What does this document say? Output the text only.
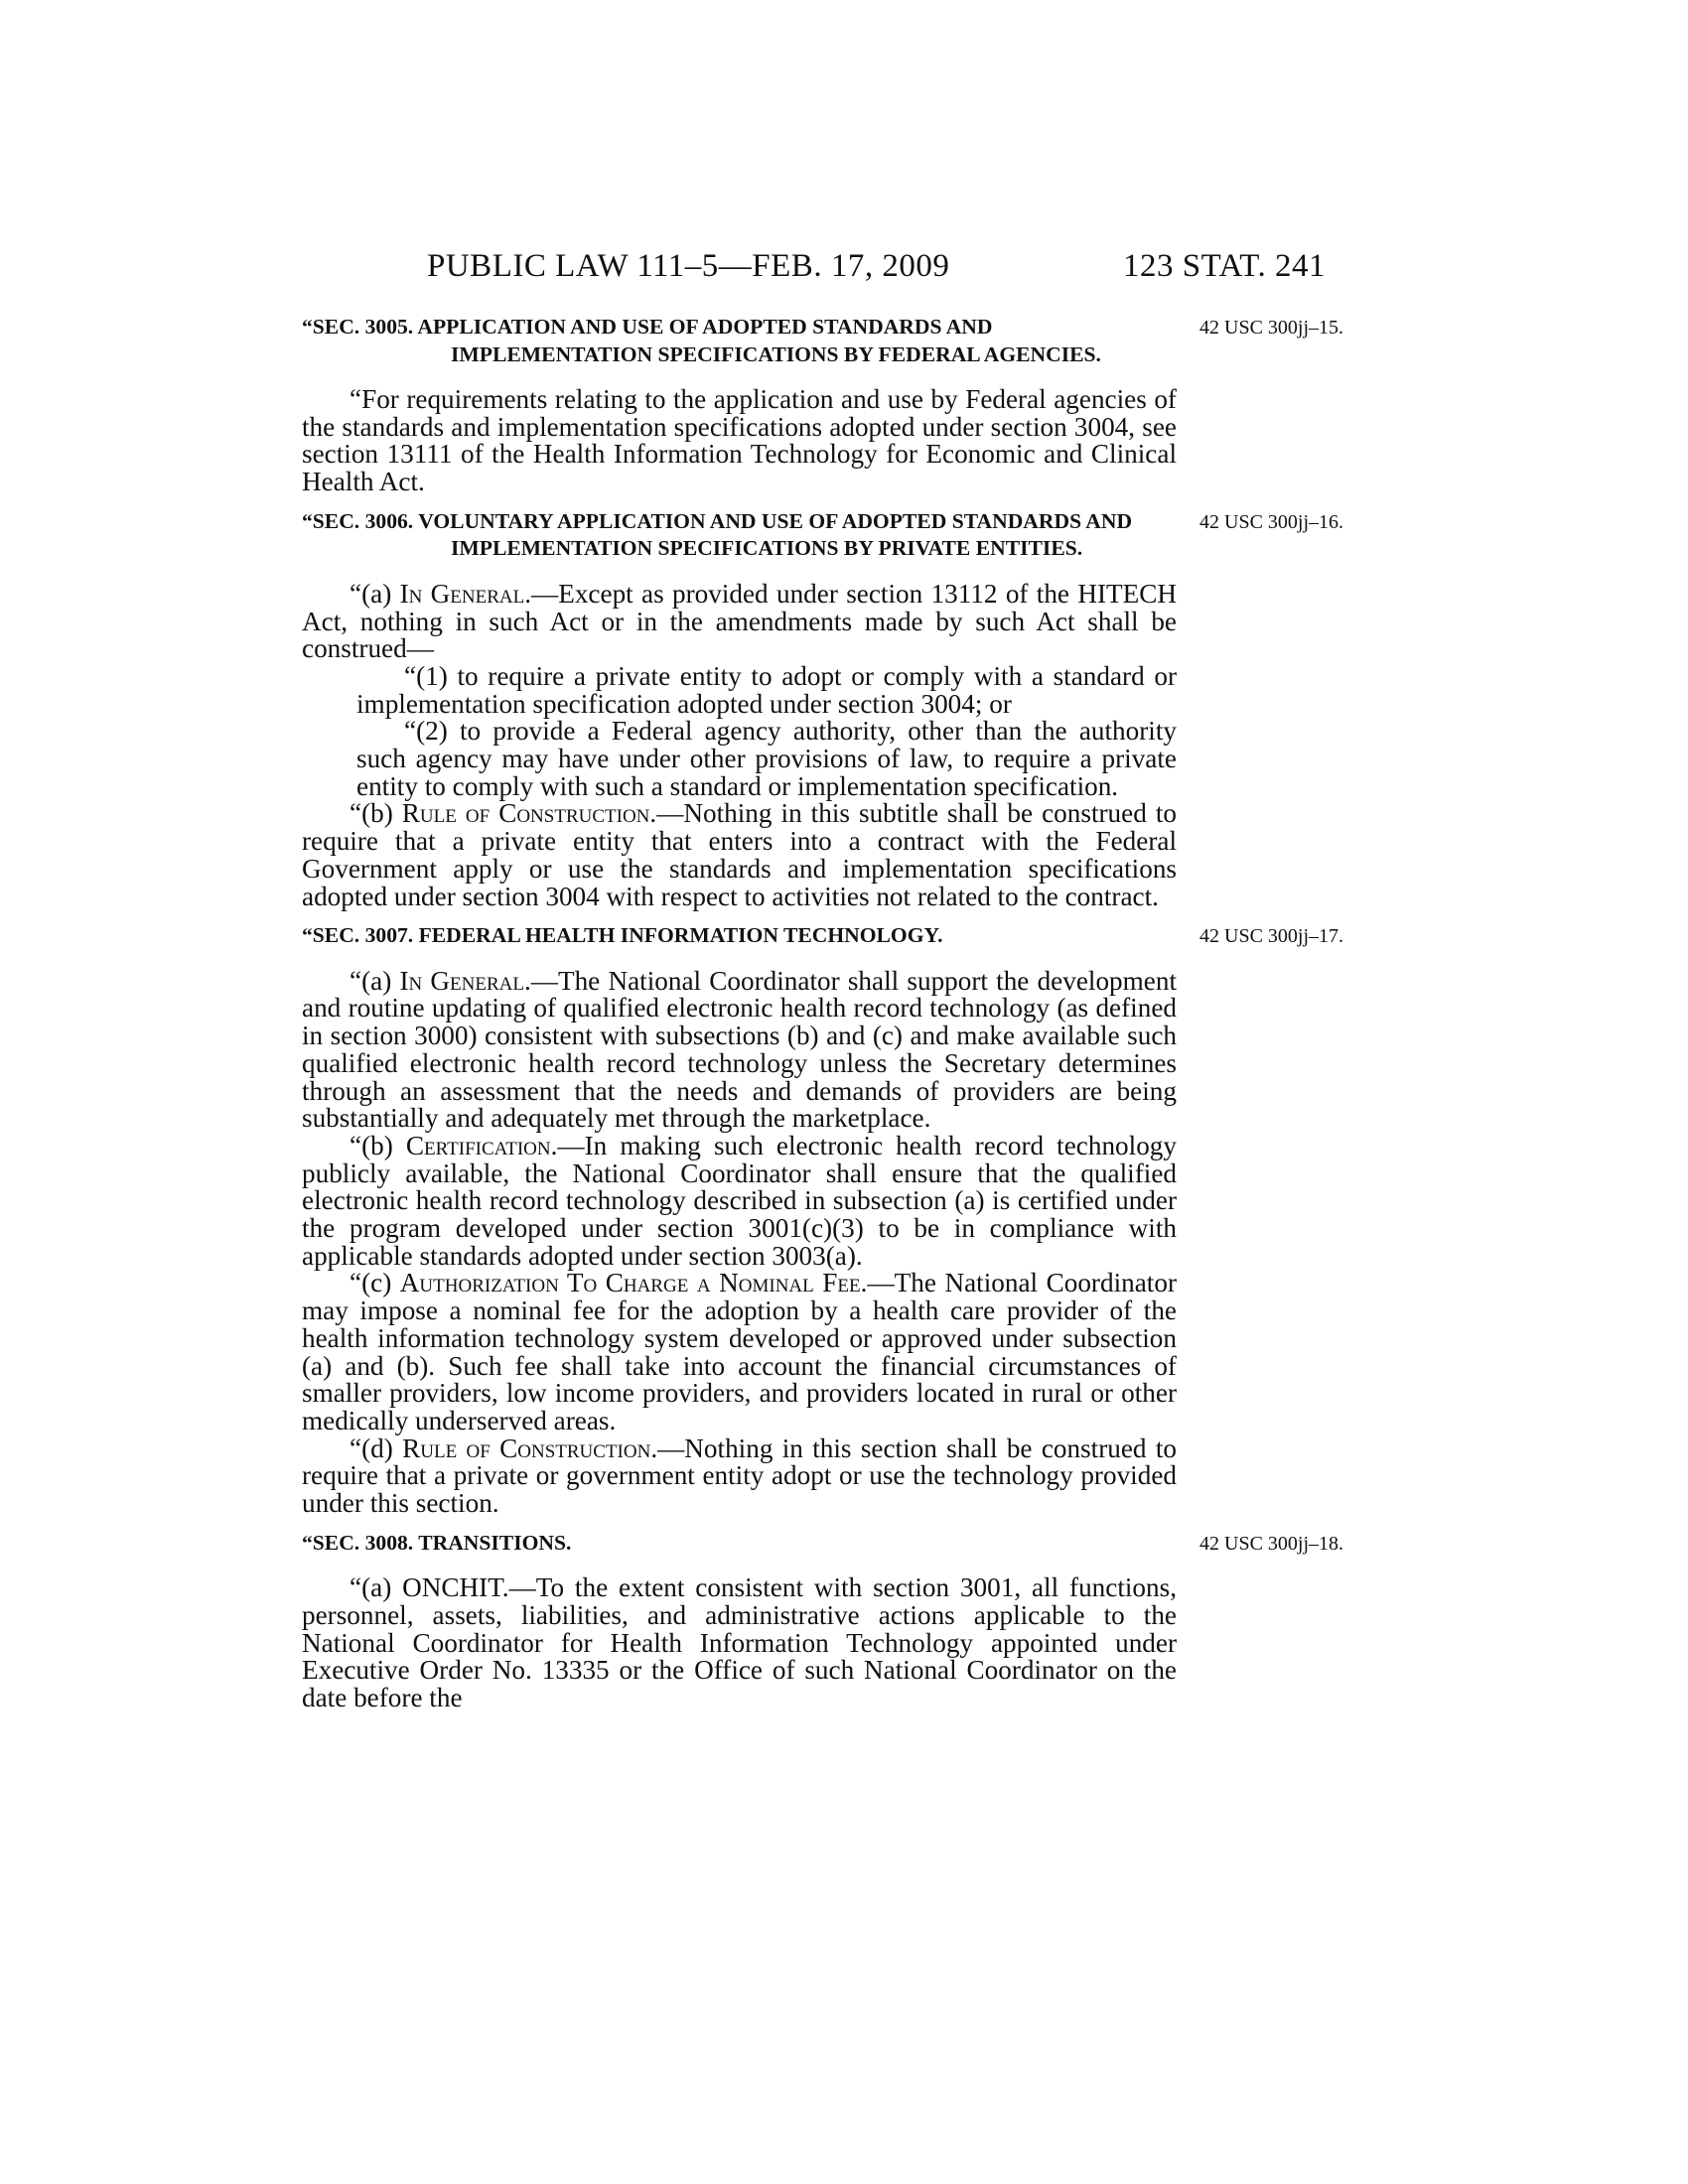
PUBLIC LAW 111–5—FEB. 17, 2009	123 STAT. 241
“SEC. 3005. APPLICATION AND USE OF ADOPTED STANDARDS AND IMPLEMENTATION SPECIFICATIONS BY FEDERAL AGENCIES.
42 USC 300jj–15.

“For requirements relating to the application and use by Federal agencies of the standards and implementation specifications adopted under section 3004, see section 13111 of the Health Information Technology for Economic and Clinical Health Act.

“SEC. 3006. VOLUNTARY APPLICATION AND USE OF ADOPTED STANDARDS AND IMPLEMENTATION SPECIFICATIONS BY PRIVATE ENTITIES.
42 USC 300jj–16.

“(a) In General.—Except as provided under section 13112 of the HITECH Act, nothing in such Act or in the amendments made by such Act shall be construed—

“(1) to require a private entity to adopt or comply with a standard or implementation specification adopted under section 3004; or

“(2) to provide a Federal agency authority, other than the authority such agency may have under other provisions of law, to require a private entity to comply with such a standard or implementation specification.

“(b) Rule of Construction.—Nothing in this subtitle shall be construed to require that a private entity that enters into a contract with the Federal Government apply or use the standards and implementation specifications adopted under section 3004 with respect to activities not related to the contract.

“SEC. 3007. FEDERAL HEALTH INFORMATION TECHNOLOGY.	42 USC 300jj–17.

“(a) In General.—The National Coordinator shall support the development and routine updating of qualified electronic health record technology (as defined in section 3000) consistent with subsections (b) and (c) and make available such qualified electronic health record technology unless the Secretary determines through an assessment that the needs and demands of providers are being substantially and adequately met through the marketplace.

“(b) Certification.—In making such electronic health record technology publicly available, the National Coordinator shall ensure that the qualified electronic health record technology described in subsection (a) is certified under the program developed under section 3001(c)(3) to be in compliance with applicable standards adopted under section 3003(a).

“(c) Authorization To Charge a Nominal Fee.—The National Coordinator may impose a nominal fee for the adoption by a health care provider of the health information technology system developed or approved under subsection (a) and (b). Such fee shall take into account the financial circumstances of smaller providers, low income providers, and providers located in rural or other medically underserved areas.

“(d) Rule of Construction.—Nothing in this section shall be construed to require that a private or government entity adopt or use the technology provided under this section.

“SEC. 3008. TRANSITIONS.	42 USC 300jj–18.

“(a) ONCHIT.—To the extent consistent with section 3001, all functions, personnel, assets, liabilities, and administrative actions applicable to the National Coordinator for Health Information Technology appointed under Executive Order No. 13335 or the Office of such National Coordinator on the date before the
